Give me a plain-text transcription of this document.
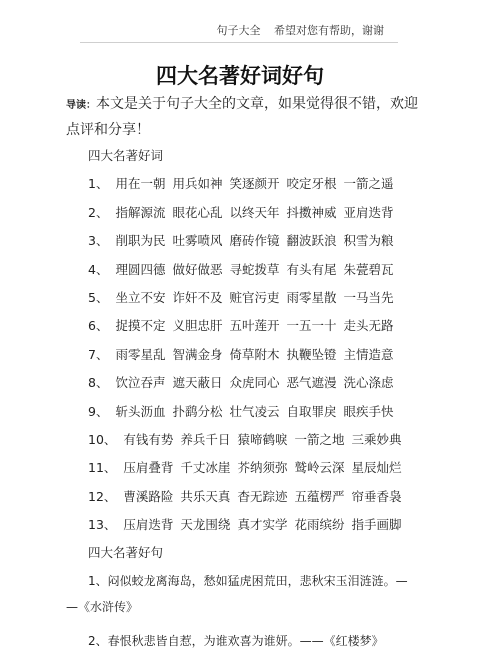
句子大全 希望对您有帮助，谢谢
四大名著好词好句
导读：本文是关于句子大全的文章，如果觉得很不错，欢迎点评和分享！
四大名著好词
1、 用在一朝 用兵如神 笑逐颜开 咬定牙根 一箭之遥
2、 指解源流 眼花心乱 以终天年 抖擞神威 亚肩迭背
3、 削职为民 吐雾喷风 磨砖作镜 翻波跃浪 积雪为粮
4、 理圆四德 做好做恶 寻蛇拨草 有头有尾 朱甍碧瓦
5、 坐立不安 诈奸不及 赃官污吏 雨零星散 一马当先
6、 捉摸不定 义胆忠肝 五叶莲开 一五一十 走头无路
7、 雨零星乱 智满金身 倚草附木 执鞭坠镫 主情造意
8、 饮泣吞声 遮天蔽日 众虎同心 恶气遮漫 洗心涤虑
9、 斩头沥血 扑鹞分松 壮气凌云 自取罪戾 眼疾手快
10、 有钱有势 养兵千日 猿啼鹤唳 一箭之地 三乘妙典
11、 压肩叠背 千丈冰崖 芥纳须弥 鹫岭云深 星辰灿烂
12、 曹溪路险 共乐天真 杳无踪迹 五蕴楞严 帘垂香袅
13、 压肩迭背 天龙围绕 真才实学 花雨缤纷 指手画脚
四大名著好句
1、闷似蛟龙离海岛，愁如猛虎困荒田，悲秋宋玉泪涟涟。—
—《水浒传》
2、春恨秋悲皆自惹，为谁欢喜为谁妍。——《红楼梦》
